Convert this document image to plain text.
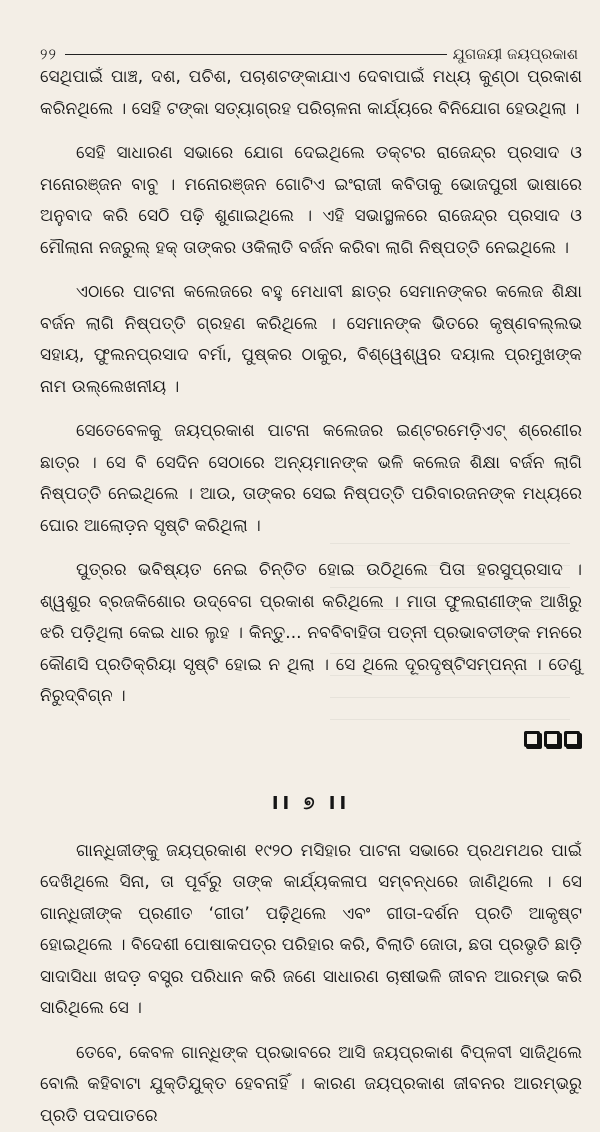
୨୨	ଯୁଗଜୟୀ ଜୟପ୍ରକାଶ

ସେଥିପାଇଁ ପାଞ୍ଚ, ଦଶ, ପଚିଶ, ପଚାଶଟଙ୍କାଯାଏ ଦେବାପାଇଁ ମଧ୍ୟ କୁଣ୍ଠା ପ୍ରକାଶ କରିନଥିଲେ । ସେହି ଟଙ୍କା ସତ୍ୟାଗ୍ରହ ପରିଚାଳନା କାର୍ଯ୍ୟରେ ବିନିଯୋଗ ହେଉଥିଲା ।

ସେହି ସାଧାରଣ ସଭାରେ ଯୋଗ ଦେଇଥିଲେ ଡକ୍ଟର ରାଜେନ୍ଦ୍ର ପ୍ରସାଦ ଓ ମନୋରଞ୍ଜନ ବାବୁ । ମନୋରଞ୍ଜନ ଗୋଟିଏ ଇଂରାଜୀ କବିତାକୁ ଭୋଜପୁରୀ ଭାଷାରେ ଅନୁବାଦ କରି ସେଠି ପଢ଼ି ଶୁଣାଇଥିଲେ । ଏହି ସଭାସ୍ଥଳରେ ରାଜେନ୍ଦ୍ର ପ୍ରସାଦ ଓ ମୌଲାନା ନଜରୁଲ୍ ହକ୍ ତାଙ୍କର ଓକିଲାତି ବର୍ଜନ କରିବା ଲାଗି ନିଷ୍ପତ୍ତି ନେଇଥିଲେ ।

ଏଠାରେ ପାଟନା କଲେଜରେ ବହୁ ମେଧାବୀ ଛାତ୍ର ସେମାନଙ୍କର କଲେଜ ଶିକ୍ଷା ବର୍ଜନ ଲାଗି ନିଷ୍ପତ୍ତି ଗ୍ରହଣ କରିଥିଲେ । ସେମାନଙ୍କ ଭିତରେ କୃଷ୍ଣବଲ୍ଲଭ ସହାୟ, ଫୁଲନପ୍ରସାଦ ବର୍ମା, ପୁଷ୍କର ଠାକୁର, ବିଶ୍ୱେଶ୍ୱର ଦୟାଲ ପ୍ରମୁଖଙ୍କ ନାମ ଉଲ୍ଲେଖନୀୟ ।

ସେତେବେଳକୁ ଜୟପ୍ରକାଶ ପାଟନା କଲେଜର ଇଣ୍ଟରମେଡ଼ିଏଟ୍ ଶ୍ରେଣୀର ଛାତ୍ର । ସେ ବି ସେଦିନ ସେଠାରେ ଅନ୍ୟମାନଙ୍କ ଭଳି କଲେଜ ଶିକ୍ଷା ବର୍ଜନ ଲାଗି ନିଷ୍ପତ୍ତି ନେଇଥିଲେ । ଆଉ, ତାଙ୍କର ସେଇ ନିଷ୍ପତ୍ତି ପରିବାରଜନଙ୍କ ମଧ୍ୟରେ ଘୋର ଆଲୋଡ଼ନ ସୃଷ୍ଟି କରିଥିଲା ।

ପୁତ୍ରର ଭବିଷ୍ୟତ ନେଇ ଚିନ୍ତିତ ହୋଇ ଉଠିଥିଲେ ପିତା ହରସୁପ୍ରସାଦ । ଶ୍ୱଶୁର ବ୍ରଜକିଶୋର ଉଦ୍‌ବେଗ ପ୍ରକାଶ କରିଥିଲେ । ମାତା ଫୁଲରାଣୀଙ୍କ ଆଖିରୁ ଝରି ପଡ଼ିଥିଲା କେଇ ଧାର ଲୁହ । କିନ୍ତୁ... ନବବିବାହିତା ପତ୍ନୀ ପ୍ରଭାବତୀଙ୍କ ମନରେ କୌଣସି ପ୍ରତିକ୍ରିୟା ସୃଷ୍ଟି ହୋଇ ନ ଥିଲା । ସେ ଥିଲେ ଦୂରଦୃଷ୍ଟିସମ୍ପନ୍ନା । ତେଣୁ ନିରୁଦ୍‌ବିଗ୍ନ ।

II ୭ II

ଗାନ୍ଧିଜୀଙ୍କୁ ଜୟପ୍ରକାଶ ୧୯୨୦ ମସିହାର ପାଟନା ସଭାରେ ପ୍ରଥମଥର ପାଇଁ ଦେଖିଥିଲେ ସିନା, ତା ପୂର୍ବରୁ ତାଙ୍କ କାର୍ଯ୍ୟକଳାପ ସମ୍ବନ୍ଧରେ ଜାଣିଥିଲେ । ସେ ଗାନ୍ଧିଜୀଙ୍କ ପ୍ରଣୀତ ‘ଗୀତା’ ପଢ଼ିଥିଲେ ଏବଂ ଗୀତା-ଦର୍ଶନ ପ୍ରତି ଆକୃଷ୍ଟ ହୋଇଥିଲେ । ବିଦେଶୀ ପୋଷାକପତ୍ର ପରିହାର କରି, ବିଲାତି ଜୋତା, ଛତା ପ୍ରଭୃତି ଛାଡ଼ି ସାଦାସିଧା ଖଦଡ଼ ବସ୍ତ୍ର ପରିଧାନ କରି ଜଣେ ସାଧାରଣ ଚାଷୀଭଳି ଜୀବନ ଆରମ୍ଭ କରି ସାରିଥିଲେ ସେ ।

ତେବେ, କେବଳ ଗାନ୍ଧିଙ୍କ ପ୍ରଭାବରେ ଆସି ଜୟପ୍ରକାଶ ବିପ୍ଳବୀ ସାଜିଥିଲେ ବୋଲି କହିବାଟା ଯୁକ୍ତିଯୁକ୍ତ ହେବନାହିଁ । କାରଣ ଜୟପ୍ରକାଶ ଜୀବନର ଆରମ୍ଭରୁ ପ୍ରତି ପଦପାତରେ
